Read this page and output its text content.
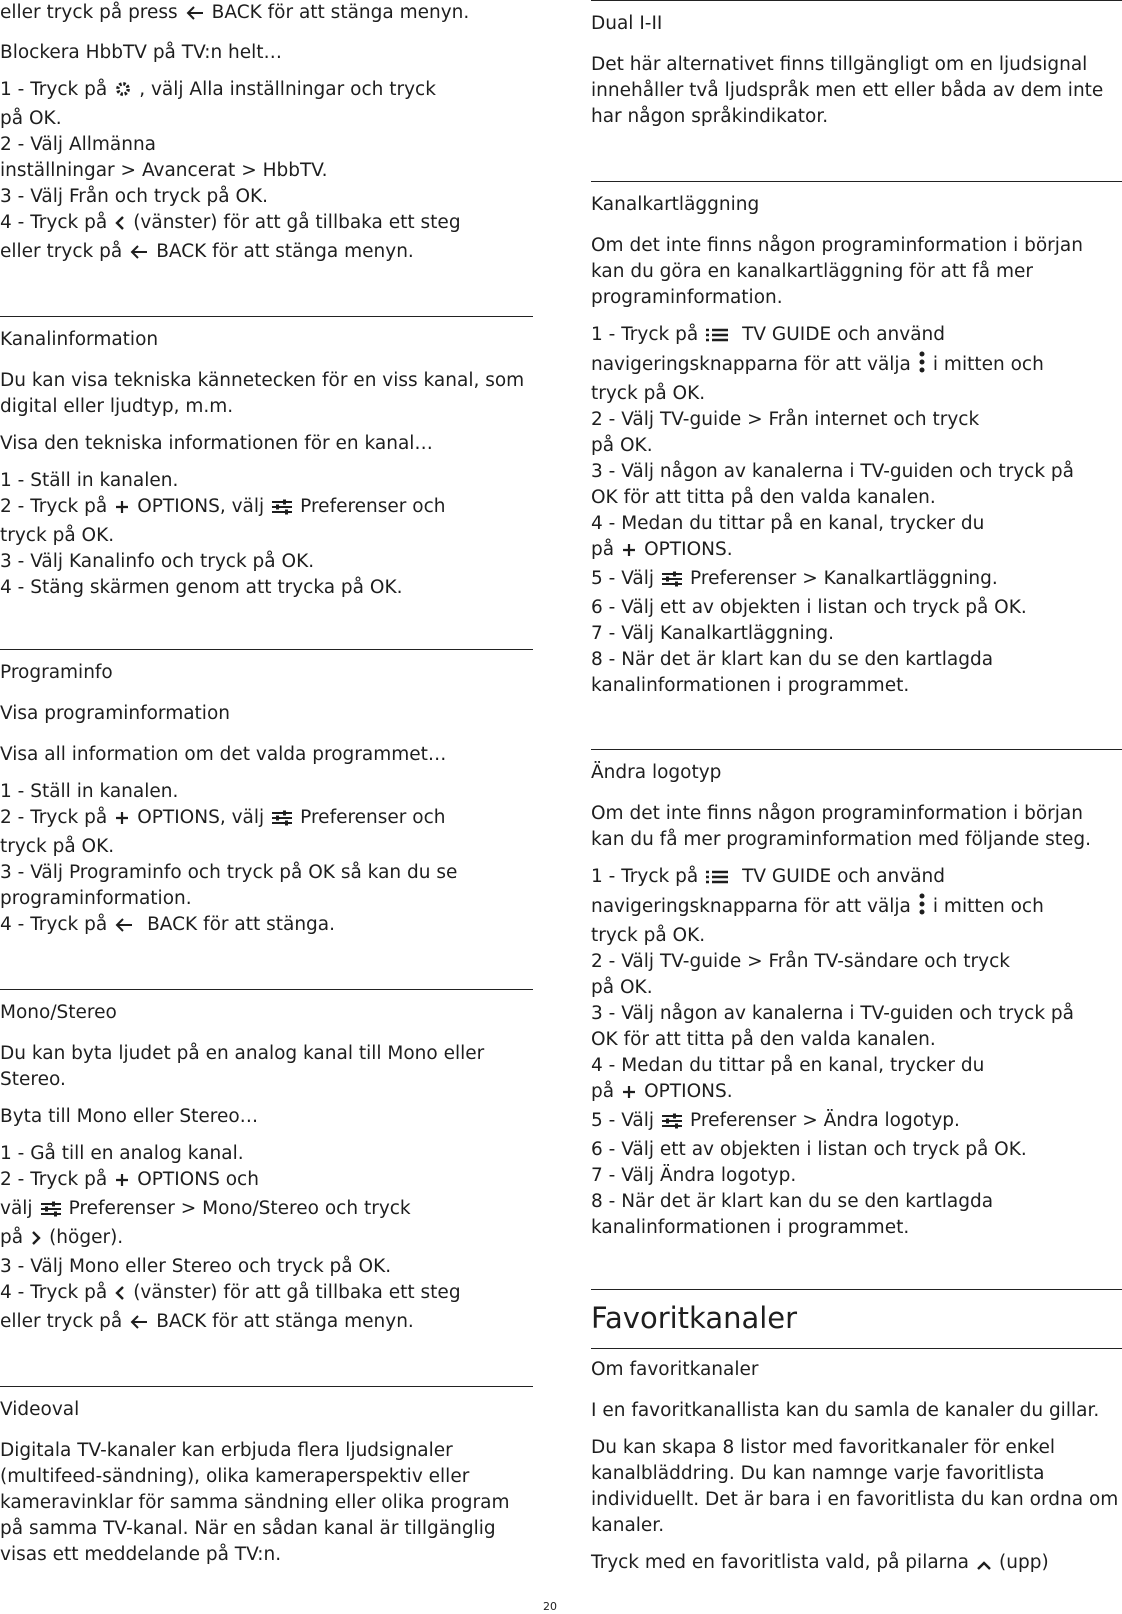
eller tryck på press BACK för att stänga menyn.

Blockera HbbTV på TV:n helt…

1 - Tryck på , välj Alla inställningar och tryck
på OK.

2 - Välj Allmänna
inställningar > Avancerat > HbbTV.

3 - Välj Från och tryck på OK.

4 - Tryck på (vänster) för att gå tillbaka ett steg
eller tryck på BACK för att stänga menyn.

Kanalinformation

Du kan visa tekniska kännetecken för en viss kanal, som digital eller ljudtyp, m.m.

Visa den tekniska informationen för en kanal…

1 - Ställ in kanalen.

2 - Tryck på OPTIONS, välj Preferenser och
tryck på OK.

3 - Välj Kanalinfo och tryck på OK.

4 - Stäng skärmen genom att trycka på OK.

Programinfo

Visa programinformation

Visa all information om det valda programmet…

1 - Ställ in kanalen.

2 - Tryck på OPTIONS, välj Preferenser och
tryck på OK.

3 - Välj Programinfo och tryck på OK så kan du se
programinformation.

4 - Tryck på BACK för att stänga.

Mono/Stereo

Du kan byta ljudet på en analog kanal till Mono eller Stereo.

Byta till Mono eller Stereo…

1 - Gå till en analog kanal.

2 - Tryck på OPTIONS och
välj Preferenser > Mono/Stereo och tryck
på (höger).

3 - Välj Mono eller Stereo och tryck på OK.

4 - Tryck på (vänster) för att gå tillbaka ett steg
eller tryck på BACK för att stänga menyn.

Videoval

Digitala TV-kanaler kan erbjuda flera ljudsignaler (multifeed-sändning), olika kameraperspektiv eller kameravinklar för samma sändning eller olika program på samma TV-kanal. När en sådan kanal är tillgänglig visas ett meddelande på TV:n.

Dual I-II

Det här alternativet finns tillgängligt om en ljudsignal innehåller två ljudspråk men ett eller båda av dem inte har någon språkindikator.

Kanalkartläggning

Om det inte finns någon programinformation i början kan du göra en kanalkartläggning för att få mer programinformation.

1 - Tryck på TV GUIDE och använd
navigeringsknapparna för att välja i mitten och
tryck på OK.

2 - Välj TV-guide > Från internet och tryck
på OK.

3 - Välj någon av kanalerna i TV-guiden och tryck på
OK för att titta på den valda kanalen.

4 - Medan du tittar på en kanal, trycker du
på OPTIONS.

5 - Välj Preferenser > Kanalkartläggning.

6 - Välj ett av objekten i listan och tryck på OK.

7 - Välj Kanalkartläggning.

8 - När det är klart kan du se den kartlagda kanalinformationen i programmet.

Ändra logotyp

Om det inte finns någon programinformation i början kan du få mer programinformation med följande steg.

1 - Tryck på TV GUIDE och använd
navigeringsknapparna för att välja i mitten och
tryck på OK.

2 - Välj TV-guide > Från TV-sändare och tryck
på OK.

3 - Välj någon av kanalerna i TV-guiden och tryck på
OK för att titta på den valda kanalen.

4 - Medan du tittar på en kanal, trycker du
på OPTIONS.

5 - Välj Preferenser > Ändra logotyp.

6 - Välj ett av objekten i listan och tryck på OK.

7 - Välj Ändra logotyp.

8 - När det är klart kan du se den kartlagda kanalinformationen i programmet.

Favoritkanaler

Om favoritkanaler

I en favoritkanallista kan du samla de kanaler du gillar.

Du kan skapa 8 listor med favoritkanaler för enkel kanalbläddring. Du kan namnge varje favoritlista individuellt. Det är bara i en favoritlista du kan ordna om kanaler.

Tryck med en favoritlista vald, på pilarna (upp)

20
